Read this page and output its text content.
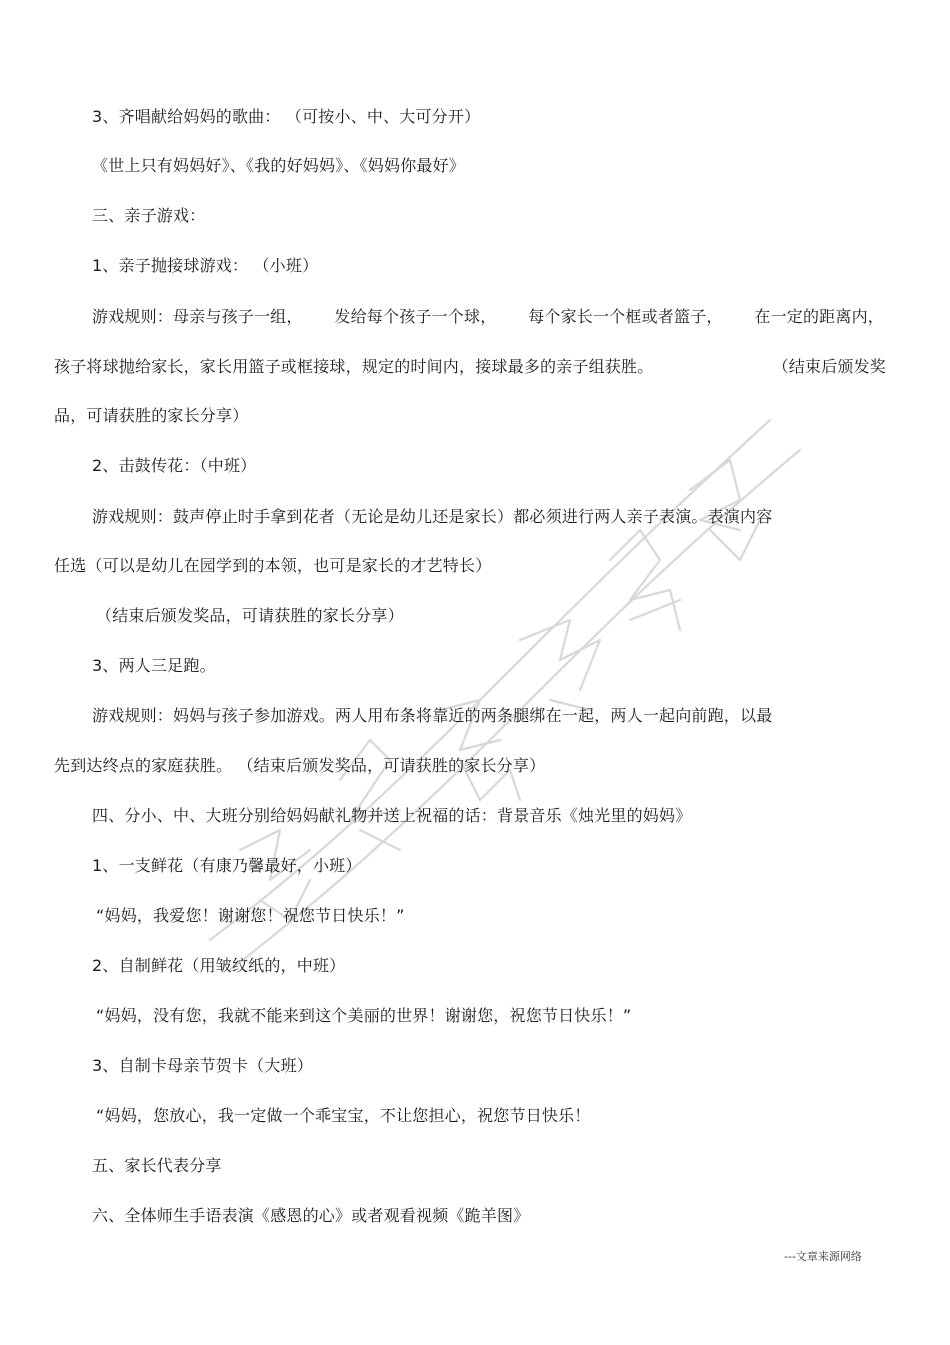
优秀学习资料
3、齐唱献给妈妈的歌曲： （可按小、中、大可分开）
《世上只有妈妈好》、《我的好妈妈》、《妈妈你最好》
三、亲子游戏：
1、亲子抛接球游戏： （小班）
游戏规则：母亲与孩子一组， 发给每个孩子一个球， 每个家长一个框或者篮子， 在一定的距离内，
孩子将球抛给家长，家长用篮子或框接球，规定的时间内，接球最多的亲子组获胜。	（结束后颁发奖
品，可请获胜的家长分享）
2、击鼓传花：（中班）
游戏规则：鼓声停止时手拿到花者（无论是幼儿还是家长）都必须进行两人亲子表演。表演内容
任选（可以是幼儿在园学到的本领，也可是家长的才艺特长）
（结束后颁发奖品，可请获胜的家长分享）
3、两人三足跑。
游戏规则：妈妈与孩子参加游戏。两人用布条将靠近的两条腿绑在一起，两人一起向前跑，以最
先到达终点的家庭获胜。 （结束后颁发奖品，可请获胜的家长分享）
四、分小、中、大班分别给妈妈献礼物并送上祝福的话：背景音乐《烛光里的妈妈》
1、一支鲜花（有康乃馨最好，小班）
“妈妈，我爱您！谢谢您！祝您节日快乐！”
2、自制鲜花（用皱纹纸的，中班）
“妈妈，没有您，我就不能来到这个美丽的世界！谢谢您，祝您节日快乐！”
3、自制卡母亲节贺卡（大班）
“妈妈，您放心，我一定做一个乖宝宝，不让您担心，祝您节日快乐！
五、家长代表分享
六、全体师生手语表演《感恩的心》或者观看视频《跪羊图》
---文章来源网络
